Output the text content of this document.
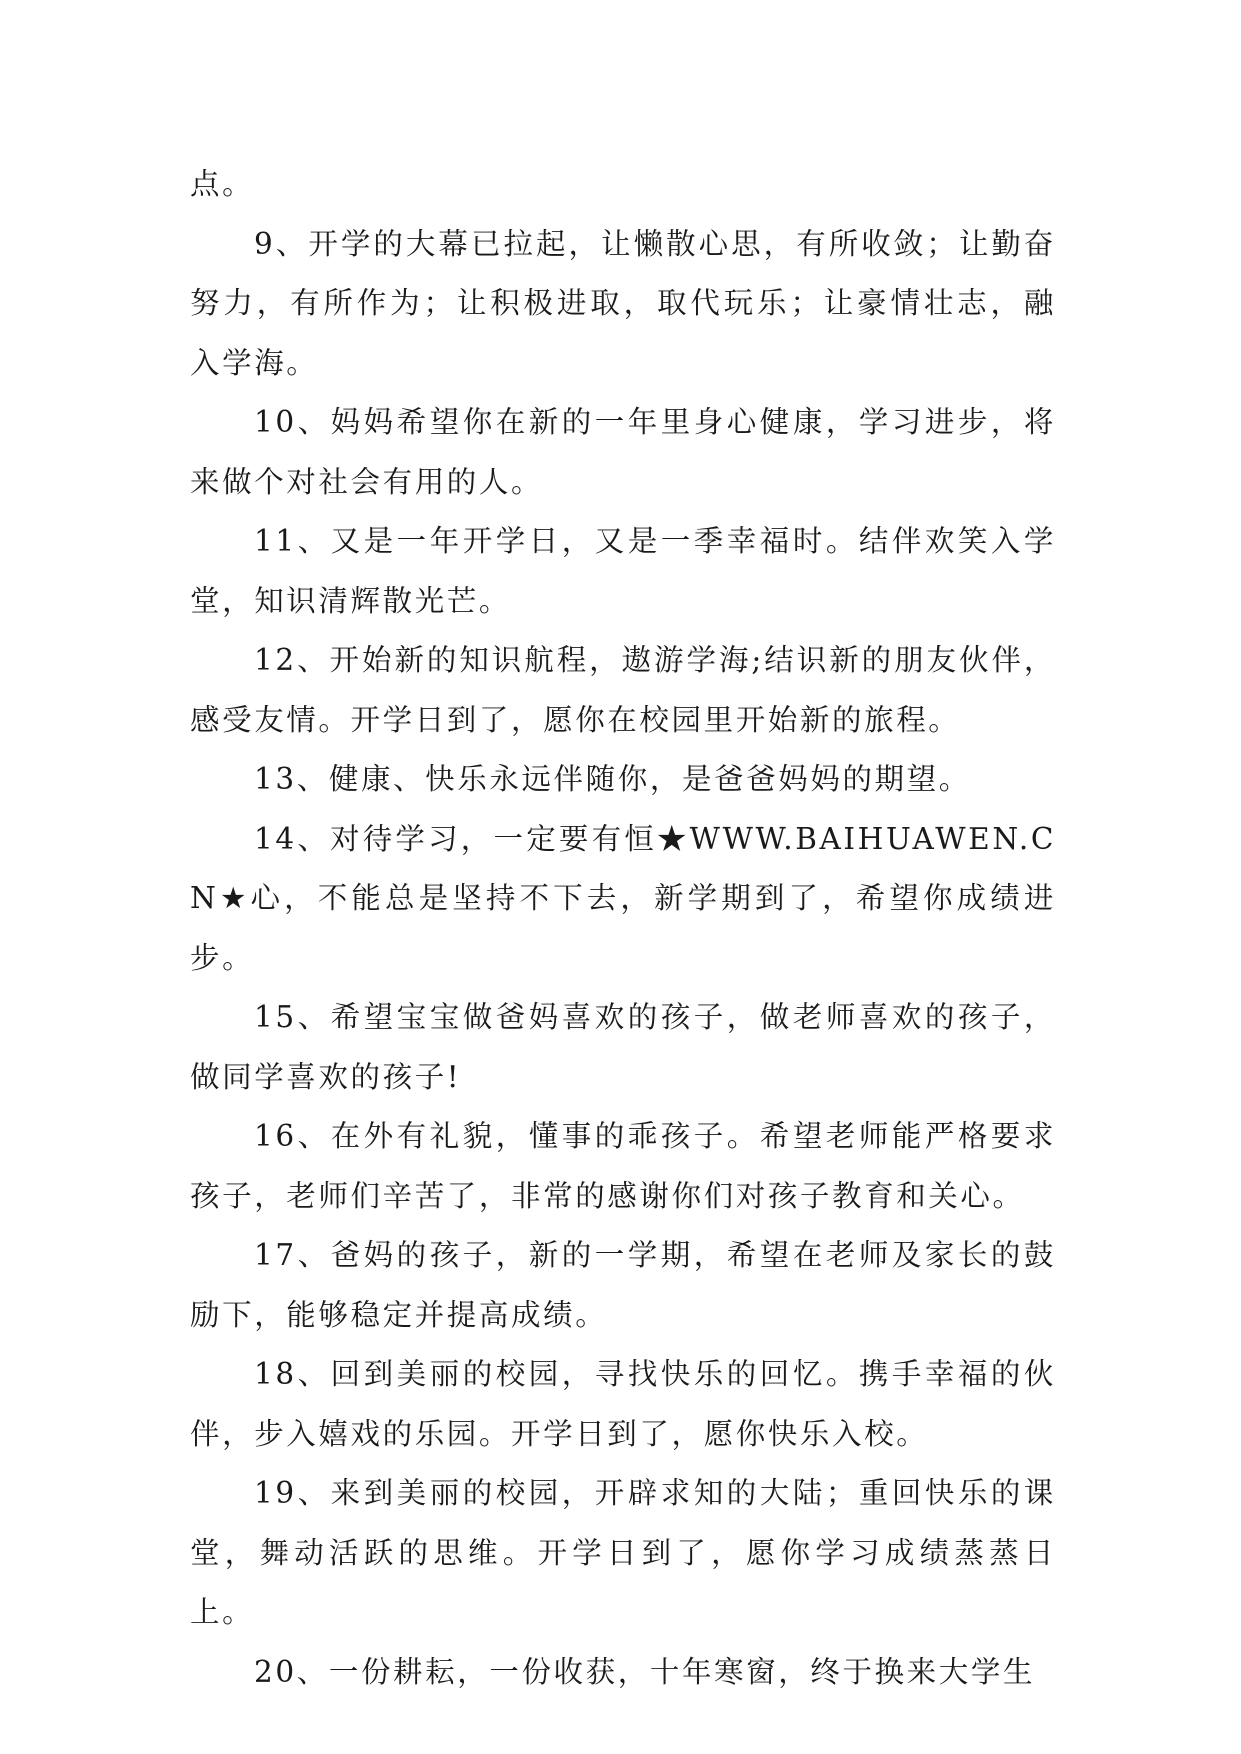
点。

9、开学的大幕已拉起，让懒散心思，有所收敛；让勤奋努力，有所作为；让积极进取，取代玩乐；让豪情壮志，融入学海。

10、妈妈希望你在新的一年里身心健康，学习进步，将来做个对社会有用的人。

11、又是一年开学日，又是一季幸福时。结伴欢笑入学堂，知识清辉散光芒。

12、开始新的知识航程，遨游学海;结识新的朋友伙伴，感受友情。开学日到了，愿你在校园里开始新的旅程。

13、健康、快乐永远伴随你，是爸爸妈妈的期望。

14、对待学习，一定要有恒★WWW.BAIHUAWEN.CN★心，不能总是坚持不下去，新学期到了，希望你成绩进步。

15、希望宝宝做爸妈喜欢的孩子，做老师喜欢的孩子，做同学喜欢的孩子!

16、在外有礼貌，懂事的乖孩子。希望老师能严格要求孩子，老师们辛苦了，非常的感谢你们对孩子教育和关心。

17、爸妈的孩子，新的一学期，希望在老师及家长的鼓励下，能够稳定并提高成绩。

18、回到美丽的校园，寻找快乐的回忆。携手幸福的伙伴，步入嬉戏的乐园。开学日到了，愿你快乐入校。

19、来到美丽的校园，开辟求知的大陆；重回快乐的课堂，舞动活跃的思维。开学日到了，愿你学习成绩蒸蒸日上。

20、一份耕耘，一份收获，十年寒窗，终于换来大学生
